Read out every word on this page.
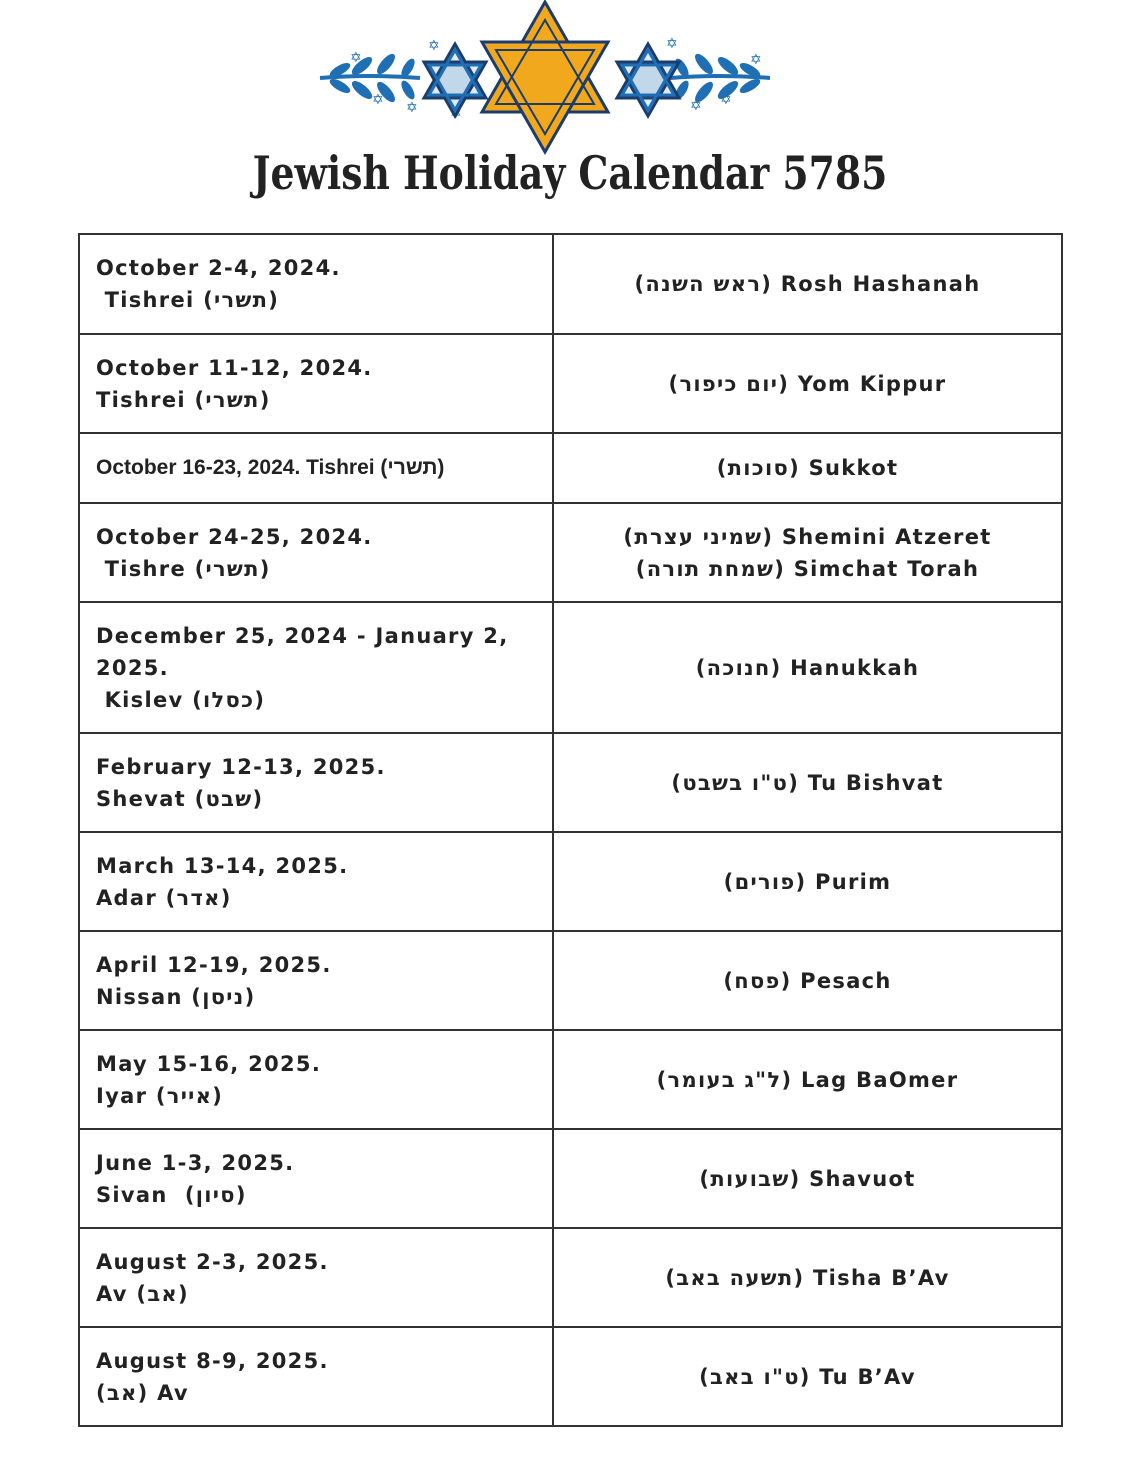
✡
✡ ✡
✡	✡
✡ ✡
✡
✡
Jewish Holiday Calendar 5785
October 2-4, 2024.
Tishrei (תשרי)	(ראש השנה) Rosh Hashanah

October 11-12, 2024.
Tishrei (תשרי)	(יום כיפור) Yom Kippur

October 16-23, 2024. Tishrei (תשרי)	(סוכות) Sukkot

October 24-25, 2024.
Tishre (תשרי)	(שמיני עצרת) Shemini Atzeret
(שמחת תורה) Simchat Torah

December 25, 2024 - January 2,
2025.
Kislev (כסלו)	(חנוכה) Hanukkah

February 12-13, 2025.
Shevat (שבט)	(ט"ו בשבט) Tu Bishvat

March 13-14, 2025.
Adar (אדר)	(פורים) Purim

April 12-19, 2025.
Nissan (ניסן)	(פסח) Pesach

May 15-16, 2025.
Iyar (אייר)	(ל"ג בעומר) Lag BaOmer

June 1-3, 2025.
Sivan  (סיון)	(שבועות) Shavuot

August 2-3, 2025.
Av (אב)	(תשעה באב) Tisha B’Av

August 8-9, 2025.
(אב) Av	(ט"ו באב) Tu B’Av
